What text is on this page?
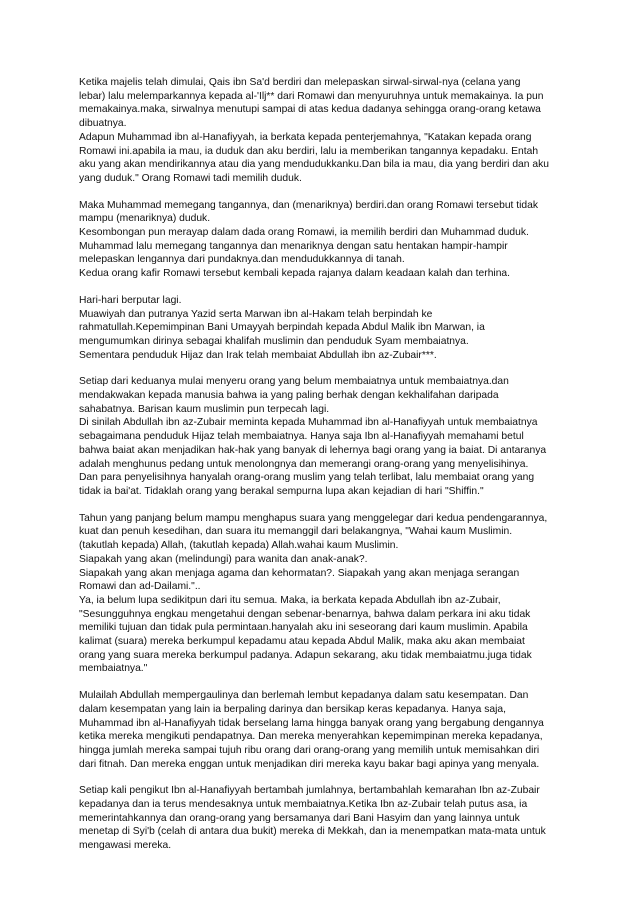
Ketika majelis telah dimulai, Qais ibn Sa'd berdiri dan melepaskan sirwal-sirwal-nya (celana yang lebar) lalu melemparkannya kepada al-'Ilj** dari Romawi dan menyuruhnya untuk memakainya. Ia pun memakainya.maka, sirwalnya menutupi sampai di atas kedua dadanya sehingga orang-orang ketawa dibuatnya.
Adapun Muhammad ibn al-Hanafiyyah, ia berkata kepada penterjemahnya, "Katakan kepada orang Romawi ini.apabila ia mau, ia duduk dan aku berdiri, lalu ia memberikan tangannya kepadaku. Entah aku yang akan mendirikannya atau dia yang mendudukkanku.Dan bila ia mau, dia yang berdiri dan aku yang duduk." Orang Romawi tadi memilih duduk.
Maka Muhammad memegang tangannya, dan (menariknya) berdiri.dan orang Romawi tersebut tidak mampu (menariknya) duduk.
Kesombongan pun merayap dalam dada orang Romawi, ia memilih berdiri dan Muhammad duduk. Muhammad lalu memegang tangannya dan menariknya dengan satu hentakan hampir-hampir melepaskan lengannya dari pundaknya.dan mendudukkannya di tanah.
Kedua orang kafir Romawi tersebut kembali kepada rajanya dalam keadaan kalah dan terhina.
Hari-hari berputar lagi.
Muawiyah dan putranya Yazid serta Marwan ibn al-Hakam telah berpindah ke rahmatullah.Kepemimpinan Bani Umayyah berpindah kepada Abdul Malik ibn Marwan, ia mengumumkan dirinya sebagai khalifah muslimin dan penduduk Syam membaiatnya.
Sementara penduduk Hijaz dan Irak telah membaiat Abdullah ibn az-Zubair***.
Setiap dari keduanya mulai menyeru orang yang belum membaiatnya untuk membaiatnya.dan mendakwakan kepada manusia bahwa ia yang paling berhak dengan kekhalifahan daripada sahabatnya. Barisan kaum muslimin pun terpecah lagi.
Di sinilah Abdullah ibn az-Zubair meminta kepada Muhammad ibn al-Hanafiyyah untuk membaiatnya sebagaimana penduduk Hijaz telah membaiatnya. Hanya saja Ibn al-Hanafiyyah memahami betul bahwa baiat akan menjadikan hak-hak yang banyak di lehernya bagi orang yang ia baiat. Di antaranya adalah menghunus pedang untuk menolongnya dan memerangi orang-orang yang menyelisihinya. Dan para penyelisihnya hanyalah orang-orang muslim yang telah terlibat, lalu membaiat orang yang tidak ia bai'at. Tidaklah orang yang berakal sempurna lupa akan kejadian di hari "Shiffin."
Tahun yang panjang belum mampu menghapus suara yang menggelegar dari kedua pendengarannya, kuat dan penuh kesedihan, dan suara itu memanggil dari belakangnya, "Wahai kaum Muslimin.(takutlah kepada) Allah, (takutlah kepada) Allah.wahai kaum Muslimin.
Siapakah yang akan (melindungi) para wanita dan anak-anak?.
Siapakah yang akan menjaga agama dan kehormatan?. Siapakah yang akan menjaga serangan Romawi dan ad-Dailami."..
Ya, ia belum lupa sedikitpun dari itu semua. Maka, ia berkata kepada Abdullah ibn az-Zubair, "Sesungguhnya engkau mengetahui dengan sebenar-benarnya, bahwa dalam perkara ini aku tidak memiliki tujuan dan tidak pula permintaan.hanyalah aku ini seseorang dari kaum muslimin. Apabila kalimat (suara) mereka berkumpul kepadamu atau kepada Abdul Malik, maka aku akan membaiat orang yang suara mereka berkumpul padanya. Adapun sekarang, aku tidak membaiatmu.juga tidak membaiatnya."
Mulailah Abdullah mempergaulinya dan berlemah lembut kepadanya dalam satu kesempatan. Dan dalam kesempatan yang lain ia berpaling darinya dan bersikap keras kepadanya. Hanya saja, Muhammad ibn al-Hanafiyyah tidak berselang lama hingga banyak orang yang bergabung dengannya ketika mereka mengikuti pendapatnya. Dan mereka menyerahkan kepemimpinan mereka kepadanya, hingga jumlah mereka sampai tujuh ribu orang dari orang-orang yang memilih untuk memisahkan diri dari fitnah. Dan mereka enggan untuk menjadikan diri mereka kayu bakar bagi apinya yang menyala.
Setiap kali pengikut Ibn al-Hanafiyyah bertambah jumlahnya, bertambahlah kemarahan Ibn az-Zubair kepadanya dan ia terus mendesaknya untuk membaiatnya.Ketika Ibn az-Zubair telah putus asa, ia memerintahkannya dan orang-orang yang bersamanya dari Bani Hasyim dan yang lainnya untuk menetap di Syi'b (celah di antara dua bukit) mereka di Mekkah, dan ia menempatkan mata-mata untuk mengawasi mereka.
